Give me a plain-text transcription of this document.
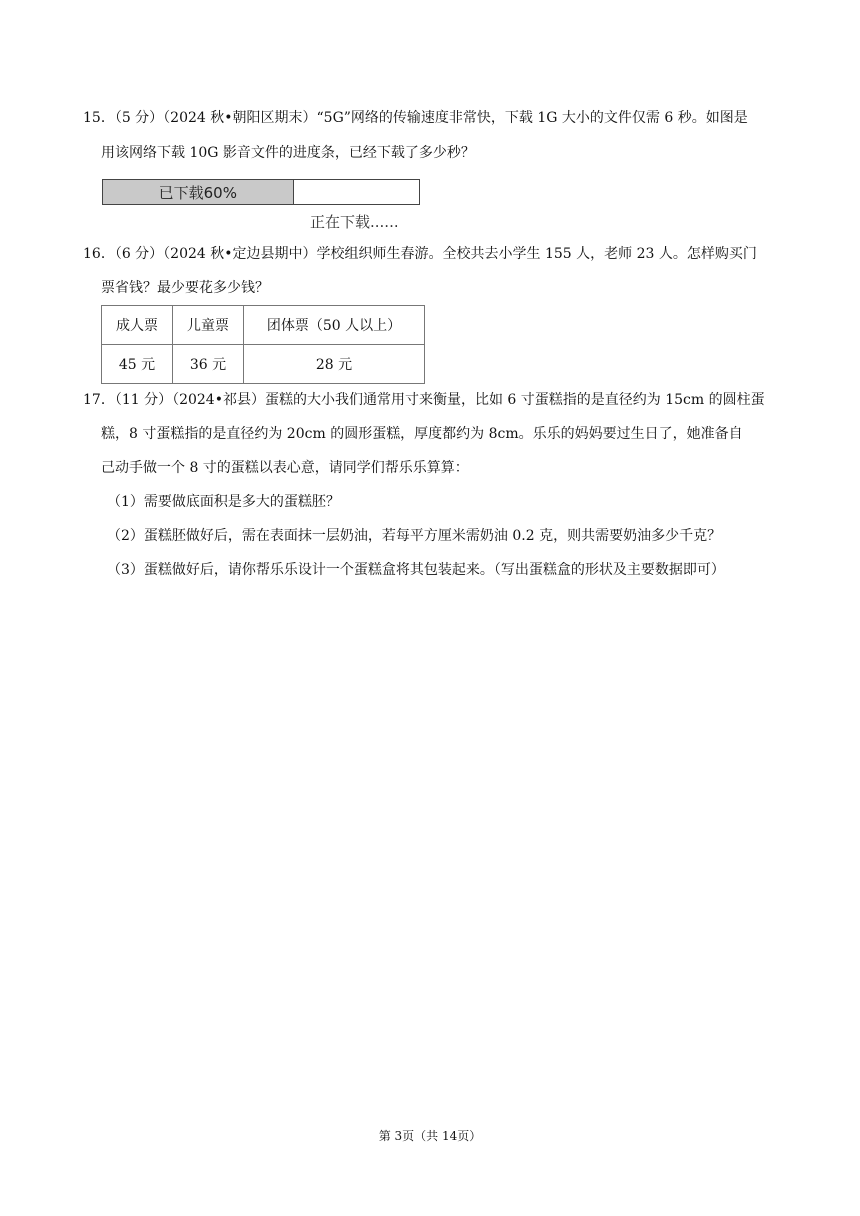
15．（5 分）（2024 秋•朝阳区期末）“5G”网络的传输速度非常快，下载 1G 大小的文件仅需 6 秒。如图是
用该网络下载 10G 影音文件的进度条，已经下载了多少秒？
已下载60%
正在下载......
16．（6 分）（2024 秋•定边县期中）学校组织师生春游。全校共去小学生 155 人，老师 23 人。怎样购买门
票省钱？最少要花多少钱？
成人票	儿童票	团体票（50 人以上）
45 元	36 元	28 元
17．（11 分）（2024•祁县）蛋糕的大小我们通常用寸来衡量，比如 6 寸蛋糕指的是直径约为 15cm 的圆柱蛋
糕，8 寸蛋糕指的是直径约为 20cm 的圆形蛋糕，厚度都约为 8cm。乐乐的妈妈要过生日了，她准备自
己动手做一个 8 寸的蛋糕以表心意，请同学们帮乐乐算算：
（1）需要做底面积是多大的蛋糕胚？
（2）蛋糕胚做好后，需在表面抹一层奶油，若每平方厘米需奶油 0.2 克，则共需要奶油多少千克？
（3）蛋糕做好后，请你帮乐乐设计一个蛋糕盒将其包装起来。（写出蛋糕盒的形状及主要数据即可）
第 3页（共 14页）
